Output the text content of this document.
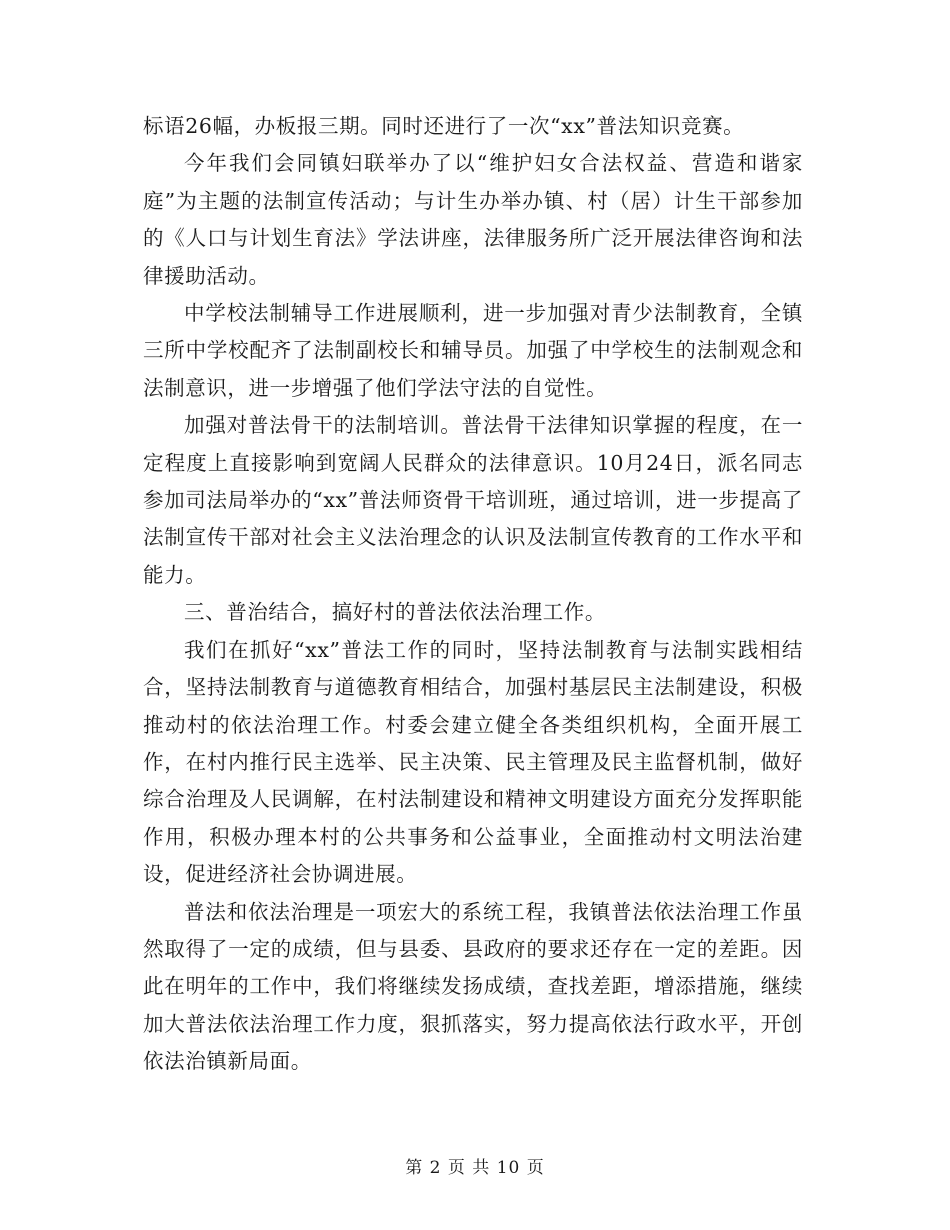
标语26幅，办板报三期。同时还进行了一次“xx”普法知识竞赛。

今年我们会同镇妇联举办了以“维护妇女合法权益、营造和谐家庭”为主题的法制宣传活动；与计生办举办镇、村（居）计生干部参加的《人口与计划生育法》学法讲座，法律服务所广泛开展法律咨询和法律援助活动。

中学校法制辅导工作进展顺利，进一步加强对青少法制教育，全镇三所中学校配齐了法制副校长和辅导员。加强了中学校生的法制观念和法制意识，进一步增强了他们学法守法的自觉性。

加强对普法骨干的法制培训。普法骨干法律知识掌握的程度，在一定程度上直接影响到宽阔人民群众的法律意识。10月24日，派名同志参加司法局举办的“xx”普法师资骨干培训班，通过培训，进一步提高了法制宣传干部对社会主义法治理念的认识及法制宣传教育的工作水平和能力。

三、普治结合，搞好村的普法依法治理工作。

我们在抓好“xx”普法工作的同时，坚持法制教育与法制实践相结合，坚持法制教育与道德教育相结合，加强村基层民主法制建设，积极推动村的依法治理工作。村委会建立健全各类组织机构，全面开展工作，在村内推行民主选举、民主决策、民主管理及民主监督机制，做好综合治理及人民调解，在村法制建设和精神文明建设方面充分发挥职能作用，积极办理本村的公共事务和公益事业，全面推动村文明法治建设，促进经济社会协调进展。

普法和依法治理是一项宏大的系统工程，我镇普法依法治理工作虽然取得了一定的成绩，但与县委、县政府的要求还存在一定的差距。因此在明年的工作中，我们将继续发扬成绩，查找差距，增添措施，继续加大普法依法治理工作力度，狠抓落实，努力提高依法行政水平，开创依法治镇新局面。

第 2 页 共 10 页
